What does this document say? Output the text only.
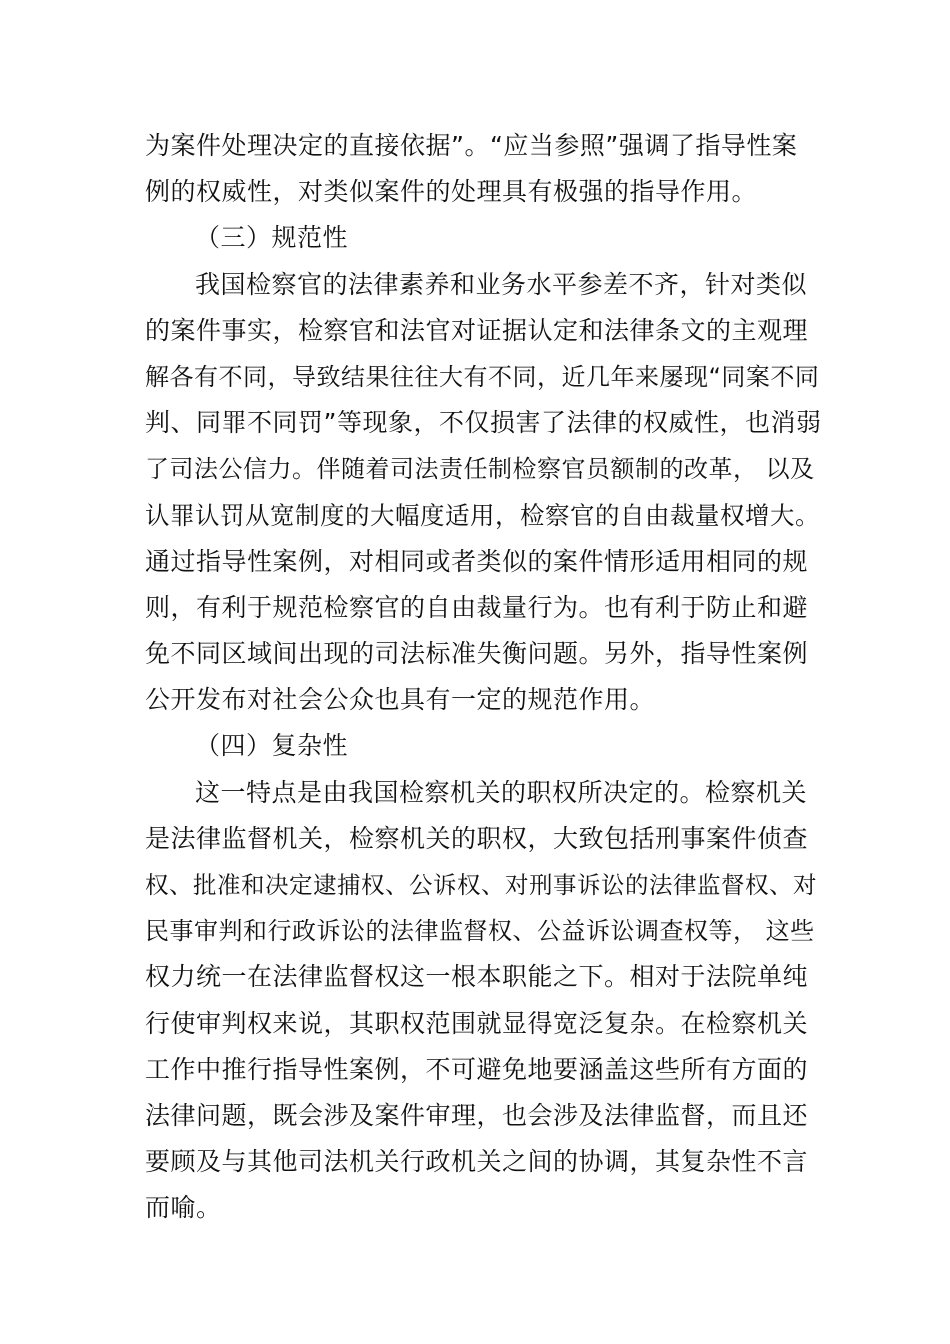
为案件处理决定的直接依据”。“应当参照”强调了指导性案
例的权威性，对类似案件的处理具有极强的指导作用。
（三）规范性
我国检察官的法律素养和业务水平参差不齐，针对类似
的案件事实，检察官和法官对证据认定和法律条文的主观理
解各有不同，导致结果往往大有不同，近几年来屡现“同案不同
判、同罪不同罚”等现象，不仅损害了法律的权威性，也消弱
了司法公信力。伴随着司法责任制检察官员额制的改革， 以及
认罪认罚从宽制度的大幅度适用，检察官的自由裁量权增大。
通过指导性案例，对相同或者类似的案件情形适用相同的规
则，有利于规范检察官的自由裁量行为。也有利于防止和避
免不同区域间出现的司法标准失衡问题。另外，指导性案例
公开发布对社会公众也具有一定的规范作用。
（四）复杂性
这一特点是由我国检察机关的职权所决定的。检察机关
是法律监督机关，检察机关的职权，大致包括刑事案件侦查
权、批准和决定逮捕权、公诉权、对刑事诉讼的法律监督权、对
民事审判和行政诉讼的法律监督权、公益诉讼调查权等， 这些
权力统一在法律监督权这一根本职能之下。相对于法院单纯
行使审判权来说，其职权范围就显得宽泛复杂。在检察机关
工作中推行指导性案例，不可避免地要涵盖这些所有方面的
法律问题，既会涉及案件审理，也会涉及法律监督，而且还
要顾及与其他司法机关行政机关之间的协调，其复杂性不言
而喻。
